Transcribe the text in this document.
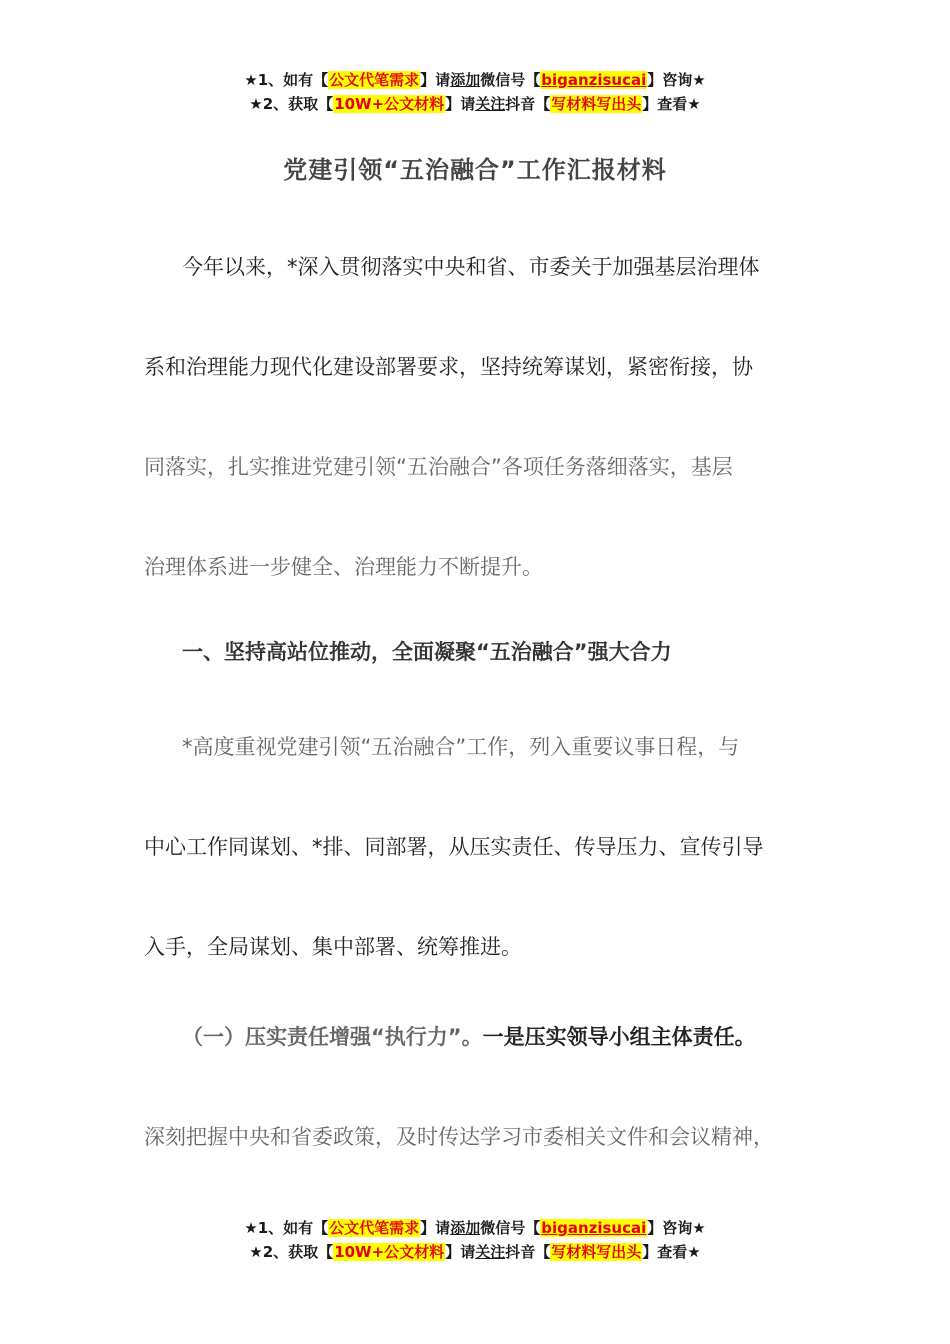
★1、如有【公文代笔需求】请添加微信号【biganzisucai】咨询★
★2、获取【10W+公文材料】请关注抖音【写材料写出头】查看★
党建引领“五治融合”工作汇报材料
今年以来，*深入贯彻落实中央和省、市委关于加强基层治理体
系和治理能力现代化建设部署要求，坚持统筹谋划，紧密衔接，协
同落实，扎实推进党建引领“五治融合”各项任务落细落实，基层
治理体系进一步健全、治理能力不断提升。
一、坚持高站位推动，全面凝聚“五治融合”强大合力
*高度重视党建引领“五治融合”工作，列入重要议事日程，与
中心工作同谋划、*排、同部署，从压实责任、传导压力、宣传引导
入手，全局谋划、集中部署、统筹推进。
（一）压实责任增强“执行力”。一是压实领导小组主体责任。
深刻把握中央和省委政策，及时传达学习市委相关文件和会议精神，
★1、如有【公文代笔需求】请添加微信号【biganzisucai】咨询★
★2、获取【10W+公文材料】请关注抖音【写材料写出头】查看★
